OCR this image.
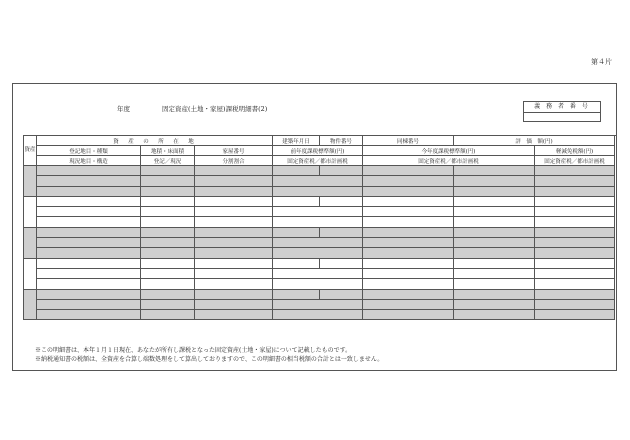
第４片
年度	固定資産(土地・家屋)課税明細書(2)	義 務 者 番 号
資産	資　産　の　所　在　地			建築年月日	物件番号	同棟番号	評　価　額(円)	
	登記地目・種類	地積・床面積	家屋番号	前年度課税標準額(円)		今年度課税標準額(円)		軽減免税額(円)	
	現況地目・構造	登記／現況	分割割合	固定資産税／都市計画税		固定資産税／都市計画税		固定資産税／都市計画税	

※この明細書は、本年１月１日現在、あなたが所有し課税となった固定資産(土地・家屋)について記載したものです。
※納税通知書の税額は、全資産を合算し端数処理をして算出しておりますので、この明細書の相当税額の合計とは一致しません。
